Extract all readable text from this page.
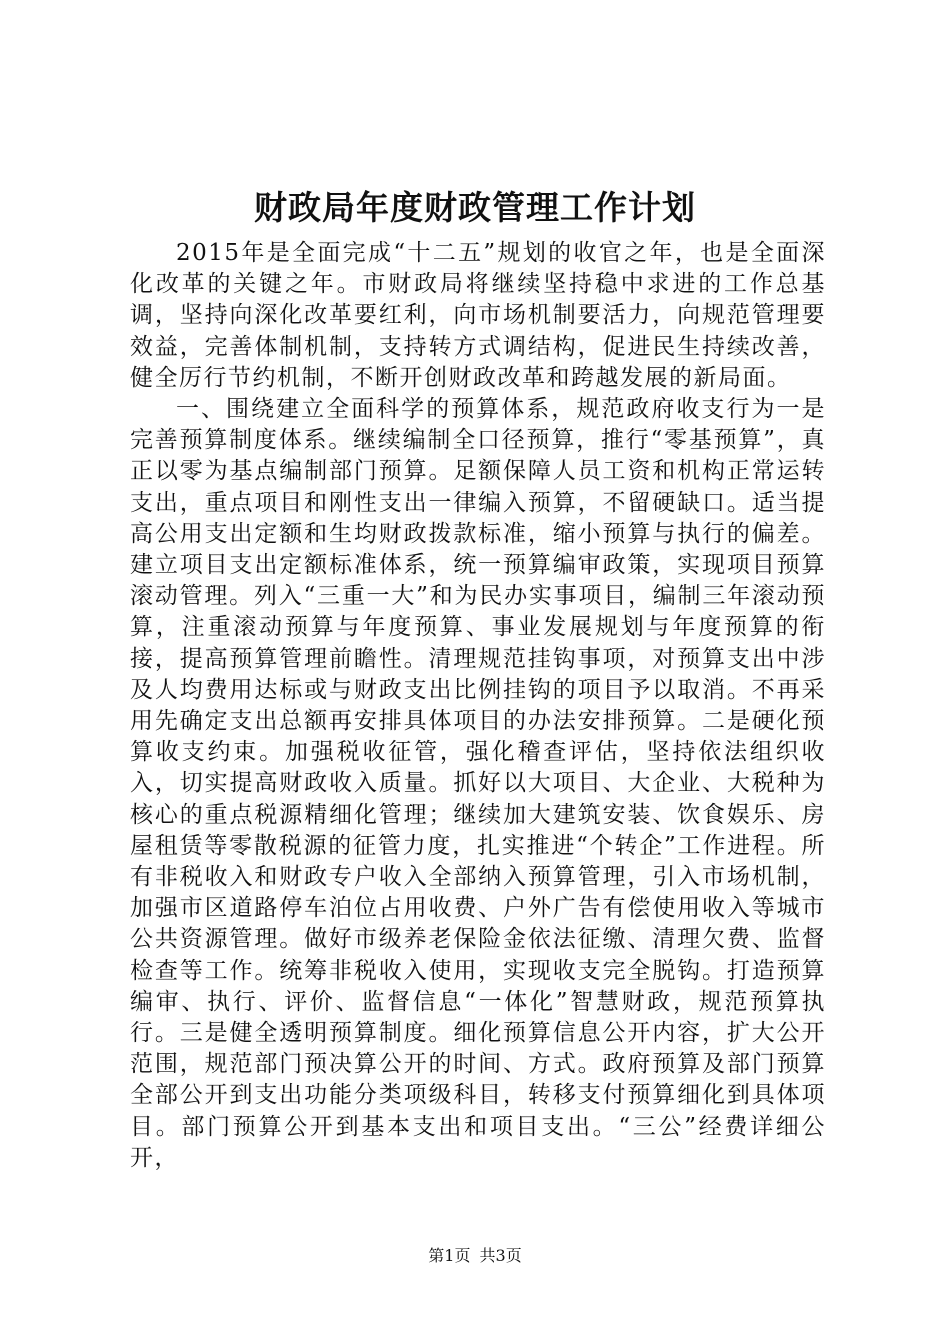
财政局年度财政管理工作计划

2015年是全面完成“十二五”规划的收官之年，也是全面深化改革的关键之年。市财政局将继续坚持稳中求进的工作总基调，坚持向深化改革要红利，向市场机制要活力，向规范管理要效益，完善体制机制，支持转方式调结构，促进民生持续改善，健全厉行节约机制，不断开创财政改革和跨越发展的新局面。

一、围绕建立全面科学的预算体系，规范政府收支行为一是完善预算制度体系。继续编制全口径预算，推行“零基预算”，真正以零为基点编制部门预算。足额保障人员工资和机构正常运转支出，重点项目和刚性支出一律编入预算，不留硬缺口。适当提高公用支出定额和生均财政拨款标准，缩小预算与执行的偏差。建立项目支出定额标准体系，统一预算编审政策，实现项目预算滚动管理。列入“三重一大”和为民办实事项目，编制三年滚动预算，注重滚动预算与年度预算、事业发展规划与年度预算的衔接，提高预算管理前瞻性。清理规范挂钩事项，对预算支出中涉及人均费用达标或与财政支出比例挂钩的项目予以取消。不再采用先确定支出总额再安排具体项目的办法安排预算。二是硬化预算收支约束。加强税收征管，强化稽查评估，坚持依法组织收入，切实提高财政收入质量。抓好以大项目、大企业、大税种为核心的重点税源精细化管理；继续加大建筑安装、饮食娱乐、房屋租赁等零散税源的征管力度，扎实推进“个转企”工作进程。所有非税收入和财政专户收入全部纳入预算管理，引入市场机制，加强市区道路停车泊位占用收费、户外广告有偿使用收入等城市公共资源管理。做好市级养老保险金依法征缴、清理欠费、监督检查等工作。统筹非税收入使用，实现收支完全脱钩。打造预算编审、执行、评价、监督信息“一体化”智慧财政，规范预算执行。三是健全透明预算制度。细化预算信息公开内容，扩大公开范围，规范部门预决算公开的时间、方式。政府预算及部门预算全部公开到支出功能分类项级科目，转移支付预算细化到具体项目。部门预算公开到基本支出和项目支出。“三公”经费详细公开，

第1页 共3页
